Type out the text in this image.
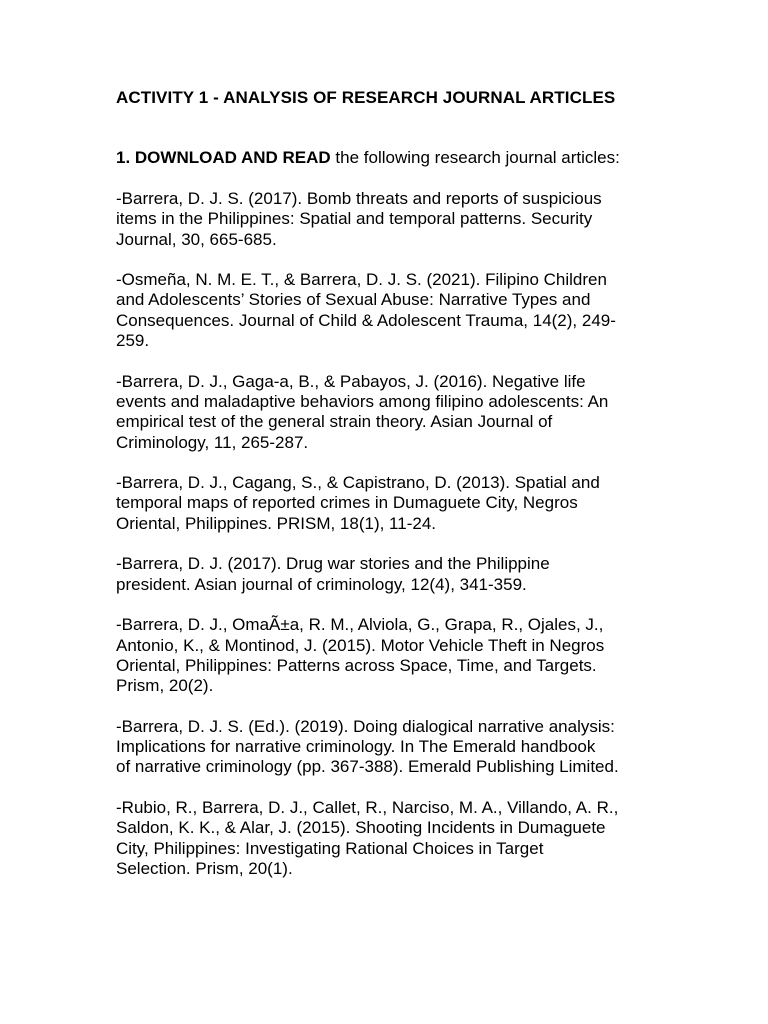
ACTIVITY 1 - ANALYSIS OF RESEARCH JOURNAL ARTICLES
1. DOWNLOAD AND READ the following research journal articles:
-Barrera, D. J. S. (2017). Bomb threats and reports of suspicious
items in the Philippines: Spatial and temporal patterns. Security
Journal, 30, 665-685.
-Osmeña, N. M. E. T., & Barrera, D. J. S. (2021). Filipino Children
and Adolescents’ Stories of Sexual Abuse: Narrative Types and
Consequences. Journal of Child & Adolescent Trauma, 14(2), 249-
259.
-Barrera, D. J., Gaga-a, B., & Pabayos, J. (2016). Negative life
events and maladaptive behaviors among filipino adolescents: An
empirical test of the general strain theory. Asian Journal of
Criminology, 11, 265-287.
-Barrera, D. J., Cagang, S., & Capistrano, D. (2013). Spatial and
temporal maps of reported crimes in Dumaguete City, Negros
Oriental, Philippines. PRISM, 18(1), 11-24.
-Barrera, D. J. (2017). Drug war stories and the Philippine
president. Asian journal of criminology, 12(4), 341-359.
-Barrera, D. J., OmaÃ±a, R. M., Alviola, G., Grapa, R., Ojales, J.,
Antonio, K., & Montinod, J. (2015). Motor Vehicle Theft in Negros
Oriental, Philippines: Patterns across Space, Time, and Targets.
Prism, 20(2).
-Barrera, D. J. S. (Ed.). (2019). Doing dialogical narrative analysis:
Implications for narrative criminology. In The Emerald handbook
of narrative criminology (pp. 367-388). Emerald Publishing Limited.
-Rubio, R., Barrera, D. J., Callet, R., Narciso, M. A., Villando, A. R.,
Saldon, K. K., & Alar, J. (2015). Shooting Incidents in Dumaguete
City, Philippines: Investigating Rational Choices in Target
Selection. Prism, 20(1).
